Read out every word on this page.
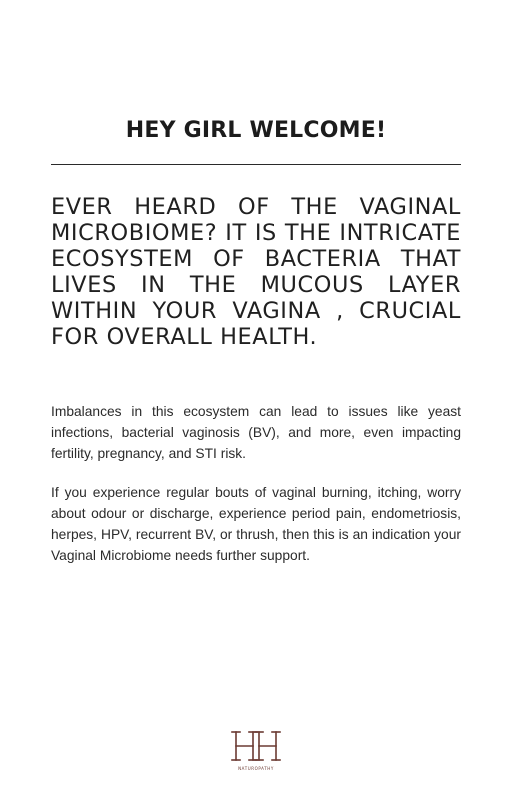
HEY GIRL WELCOME!

EVER HEARD OF THE VAGINAL MICROBIOME? IT IS THE INTRICATE ECOSYSTEM OF BACTERIA THAT LIVES IN THE MUCOUS LAYER WITHIN YOUR VAGINA , CRUCIAL FOR OVERALL HEALTH.

Imbalances in this ecosystem can lead to issues like yeast infections, bacterial vaginosis (BV), and more, even impacting fertility, pregnancy, and STI risk.

If you experience regular bouts of vaginal burning, itching, worry about odour or discharge, experience period pain, endometriosis, herpes, HPV, recurrent BV, or thrush, then this is an indication your Vaginal Microbiome needs further support.

NATUROPATHY
